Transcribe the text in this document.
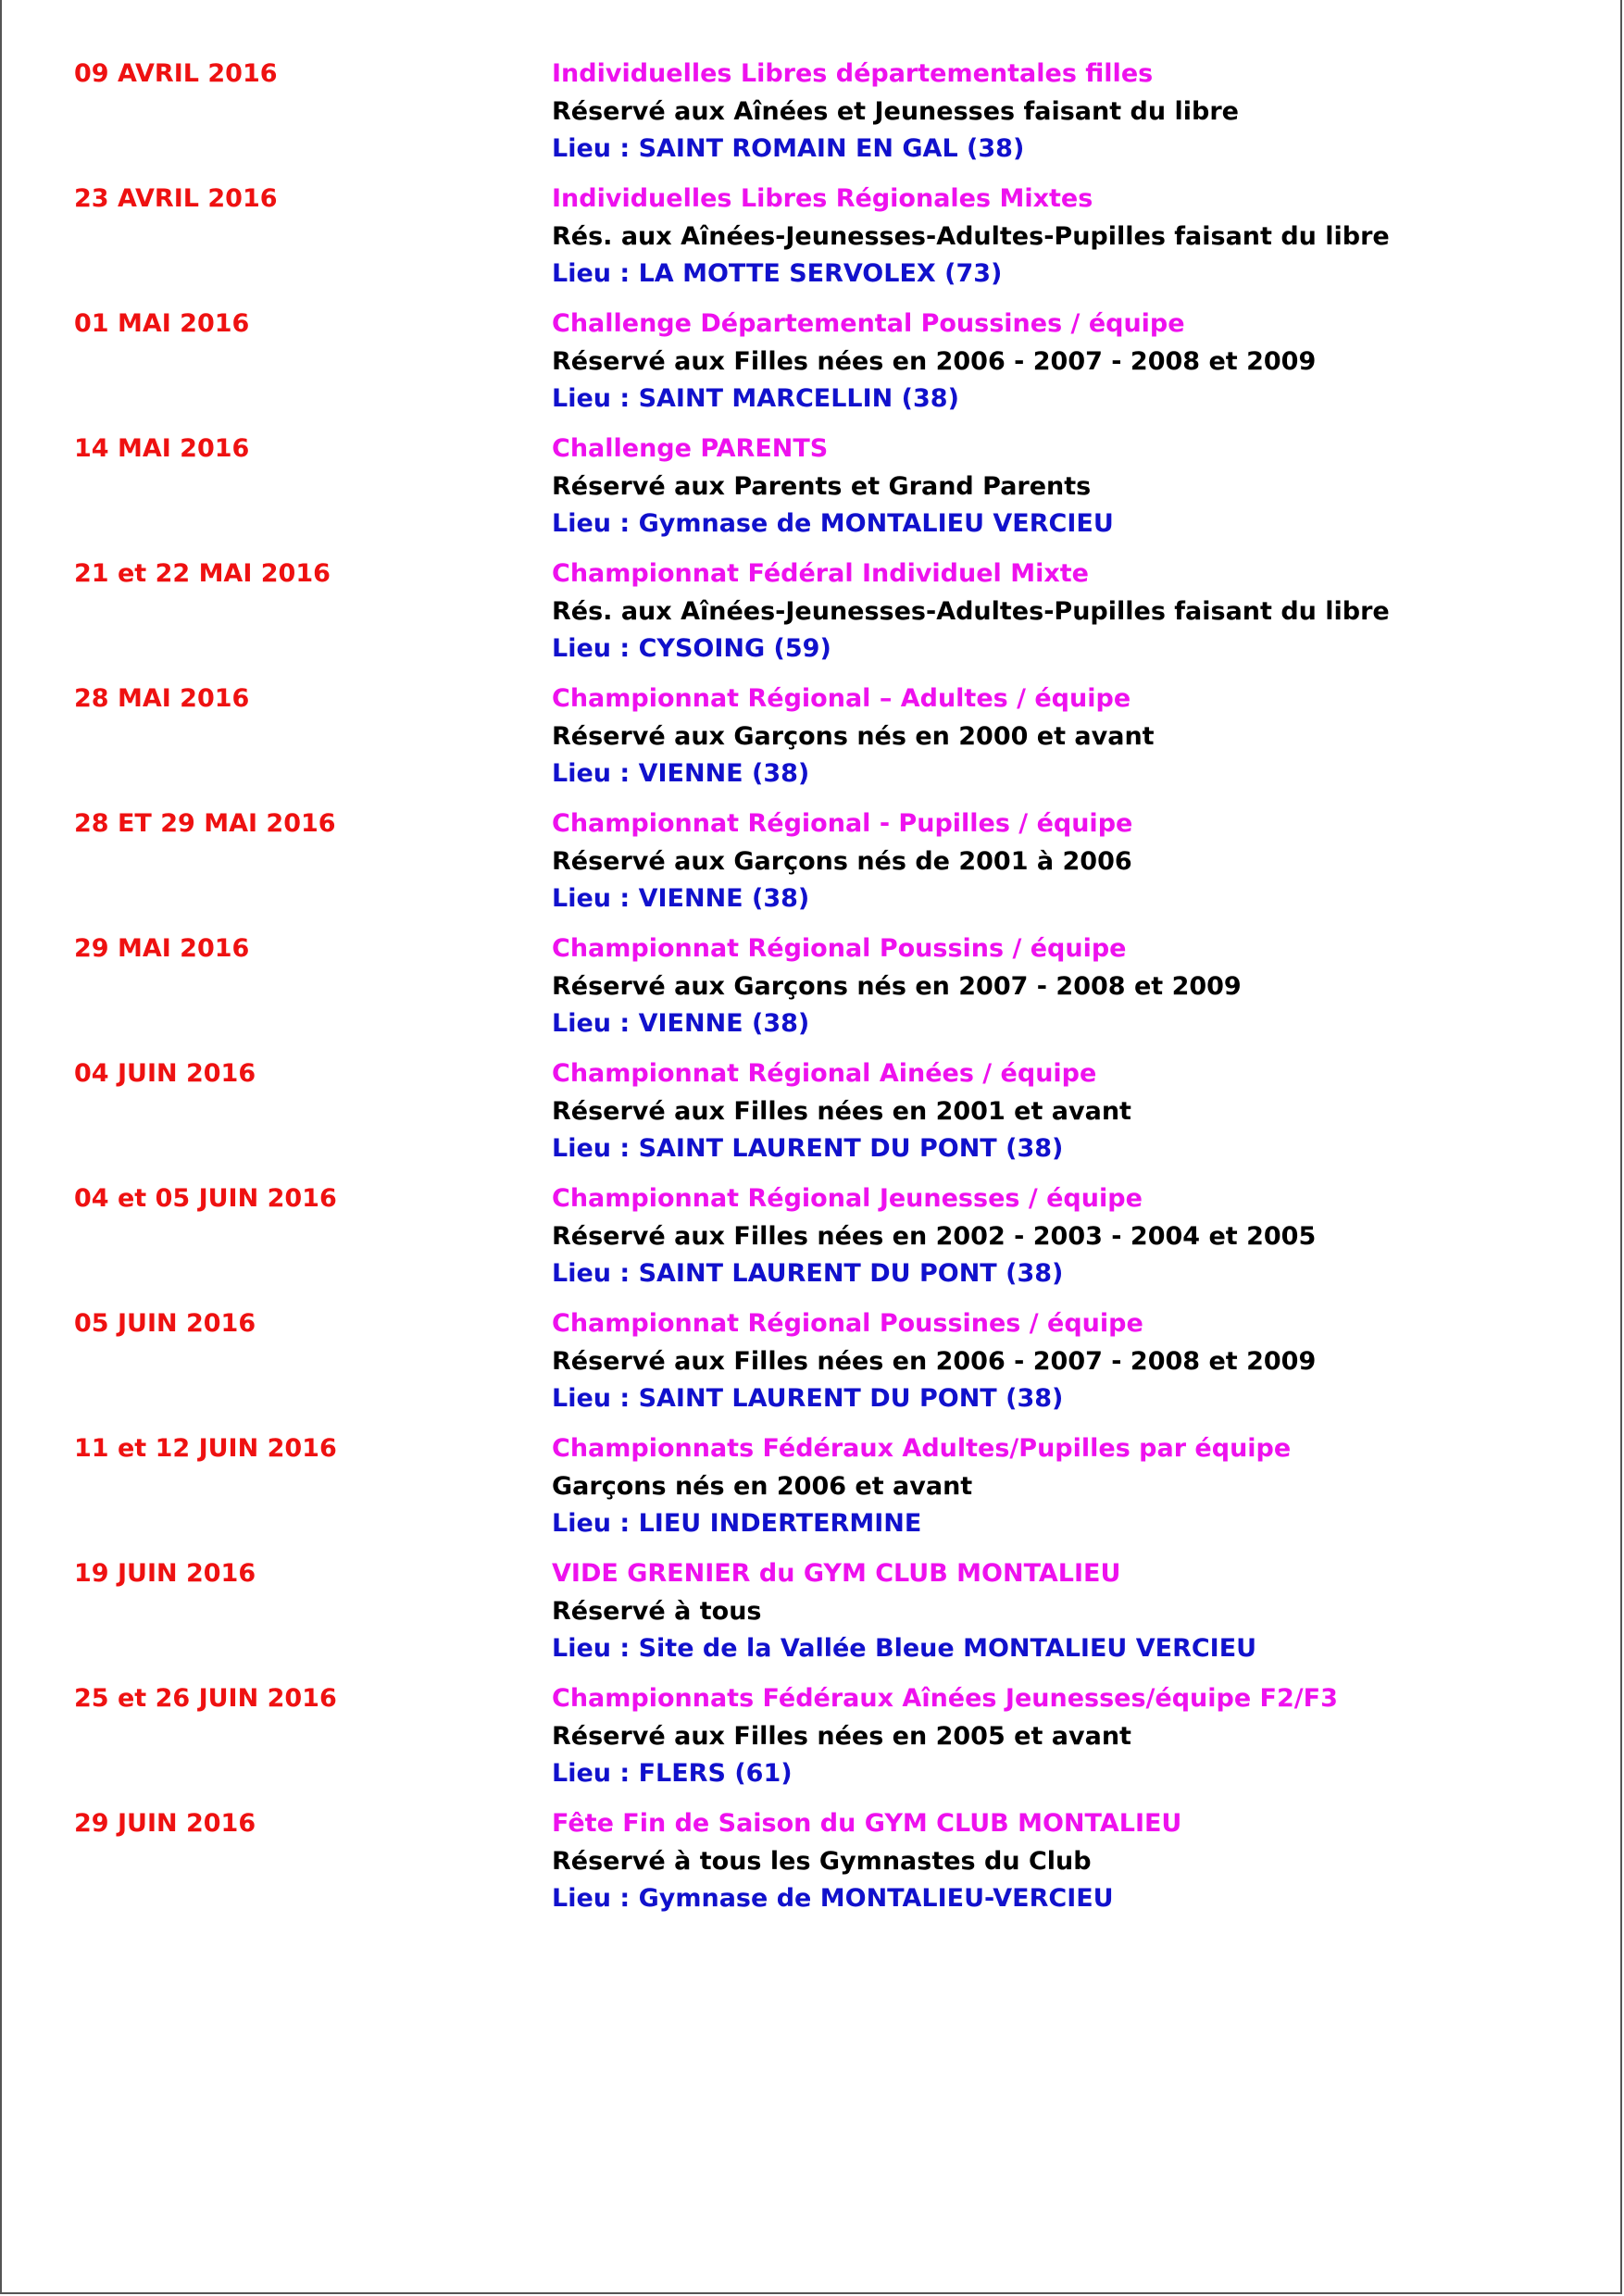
09 AVRIL 2016	Individuelles Libres départementales filles
Réservé aux Aînées et Jeunesses faisant du libre
Lieu : SAINT ROMAIN EN GAL (38)
23 AVRIL 2016	Individuelles Libres Régionales Mixtes
Rés. aux Aînées-Jeunesses-Adultes-Pupilles faisant du libre
Lieu : LA MOTTE SERVOLEX (73)
01 MAI 2016	Challenge Départemental Poussines / équipe
Réservé aux Filles nées en 2006 - 2007 - 2008 et 2009
Lieu : SAINT MARCELLIN (38)
14 MAI 2016	Challenge PARENTS
Réservé aux Parents et Grand Parents
Lieu : Gymnase de MONTALIEU VERCIEU
21 et 22 MAI 2016	Championnat Fédéral Individuel Mixte
Rés. aux Aînées-Jeunesses-Adultes-Pupilles faisant du libre
Lieu : CYSOING (59)
28 MAI 2016	Championnat Régional – Adultes / équipe
Réservé aux Garçons nés en 2000 et avant
Lieu : VIENNE (38)
28 ET 29 MAI 2016	Championnat Régional - Pupilles / équipe
Réservé aux Garçons nés de 2001 à 2006
Lieu : VIENNE (38)
29 MAI 2016	Championnat Régional Poussins / équipe
Réservé aux Garçons nés en 2007 - 2008 et 2009
Lieu : VIENNE (38)
04 JUIN 2016	Championnat Régional Ainées / équipe
Réservé aux Filles nées en 2001 et avant
Lieu : SAINT LAURENT DU PONT (38)
04 et 05 JUIN 2016	Championnat Régional Jeunesses / équipe
Réservé aux Filles nées en 2002 - 2003 - 2004 et 2005
Lieu : SAINT LAURENT DU PONT (38)
05 JUIN 2016	Championnat Régional Poussines / équipe
Réservé aux Filles nées en 2006 - 2007 - 2008 et 2009
Lieu : SAINT LAURENT DU PONT (38)
11 et 12 JUIN 2016	Championnats Fédéraux Adultes/Pupilles par équipe
Garçons nés en 2006 et avant
Lieu : LIEU INDERTERMINE
19 JUIN 2016	VIDE GRENIER du GYM CLUB MONTALIEU
Réservé à tous
Lieu : Site de la Vallée Bleue MONTALIEU VERCIEU
25 et 26 JUIN 2016	Championnats Fédéraux Aînées Jeunesses/équipe F2/F3
Réservé aux Filles nées en 2005 et avant
Lieu : FLERS (61)
29 JUIN 2016	Fête Fin de Saison du GYM CLUB MONTALIEU
Réservé à tous les Gymnastes du Club
Lieu : Gymnase de MONTALIEU-VERCIEU
